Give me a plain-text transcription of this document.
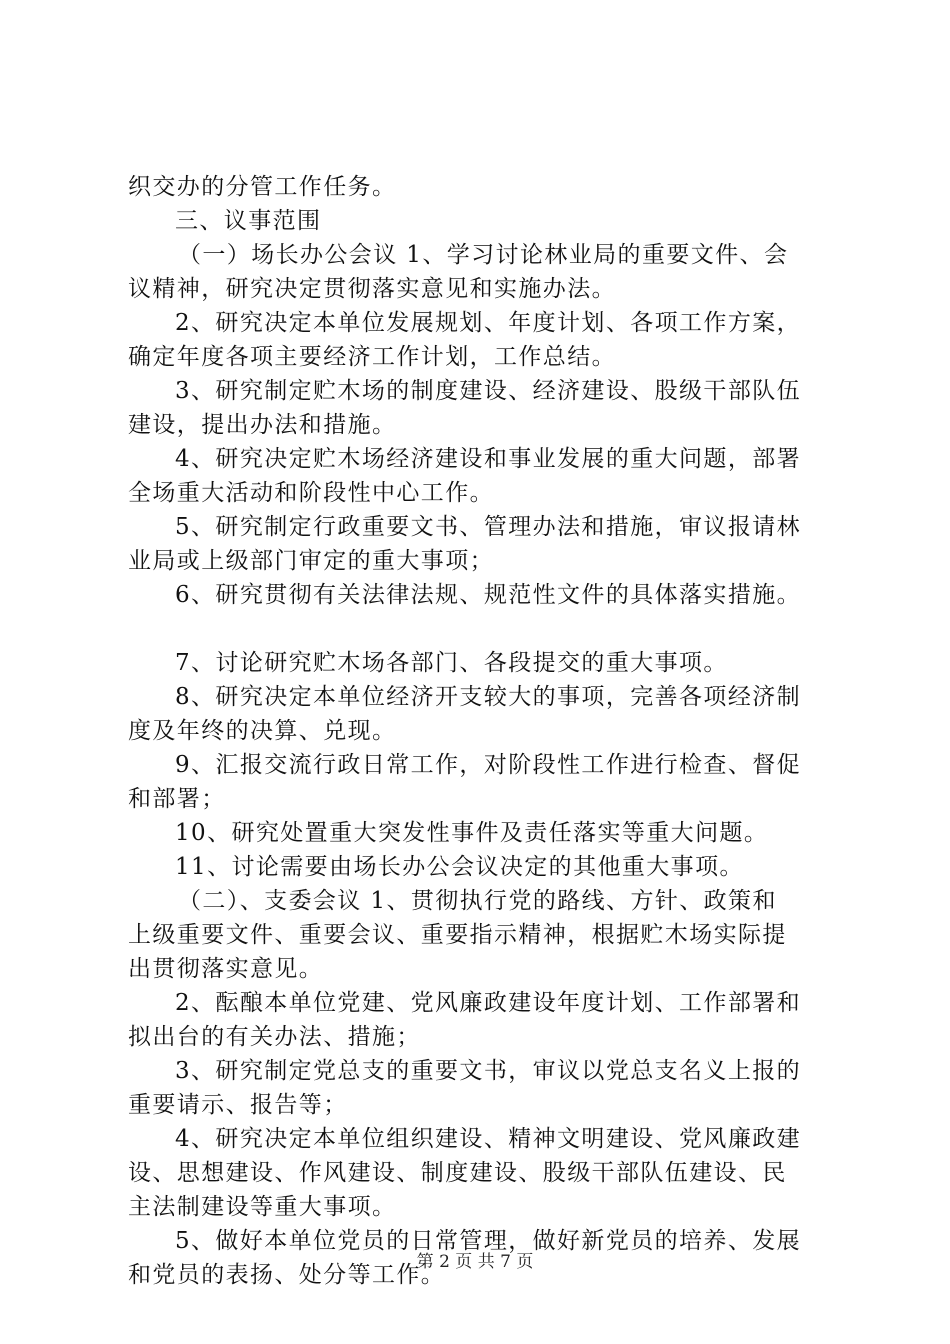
织交办的分管工作任务。
三、议事范围
（一）场长办公会议 1、学习讨论林业局的重要文件、会
议精神，研究决定贯彻落实意见和实施办法。
2、研究决定本单位发展规划、年度计划、各项工作方案，
确定年度各项主要经济工作计划，工作总结。
3、研究制定贮木场的制度建设、经济建设、股级干部队伍
建设，提出办法和措施。
4、研究决定贮木场经济建设和事业发展的重大问题，部署
全场重大活动和阶段性中心工作。
5、研究制定行政重要文书、管理办法和措施，审议报请林
业局或上级部门审定的重大事项；
6、研究贯彻有关法律法规、规范性文件的具体落实措施。
7、讨论研究贮木场各部门、各段提交的重大事项。
8、研究决定本单位经济开支较大的事项，完善各项经济制
度及年终的决算、兑现。
9、汇报交流行政日常工作，对阶段性工作进行检查、督促
和部署；
10、研究处置重大突发性事件及责任落实等重大问题。
11、讨论需要由场长办公会议决定的其他重大事项。
（二）、支委会议 1、贯彻执行党的路线、方针、政策和
上级重要文件、重要会议、重要指示精神，根据贮木场实际提
出贯彻落实意见。
2、酝酿本单位党建、党风廉政建设年度计划、工作部署和
拟出台的有关办法、措施；
3、研究制定党总支的重要文书，审议以党总支名义上报的
重要请示、报告等；
4、研究决定本单位组织建设、精神文明建设、党风廉政建
设、思想建设、作风建设、制度建设、股级干部队伍建设、民
主法制建设等重大事项。
5、做好本单位党员的日常管理，做好新党员的培养、发展
和党员的表扬、处分等工作。
第 2 页 共 7 页
